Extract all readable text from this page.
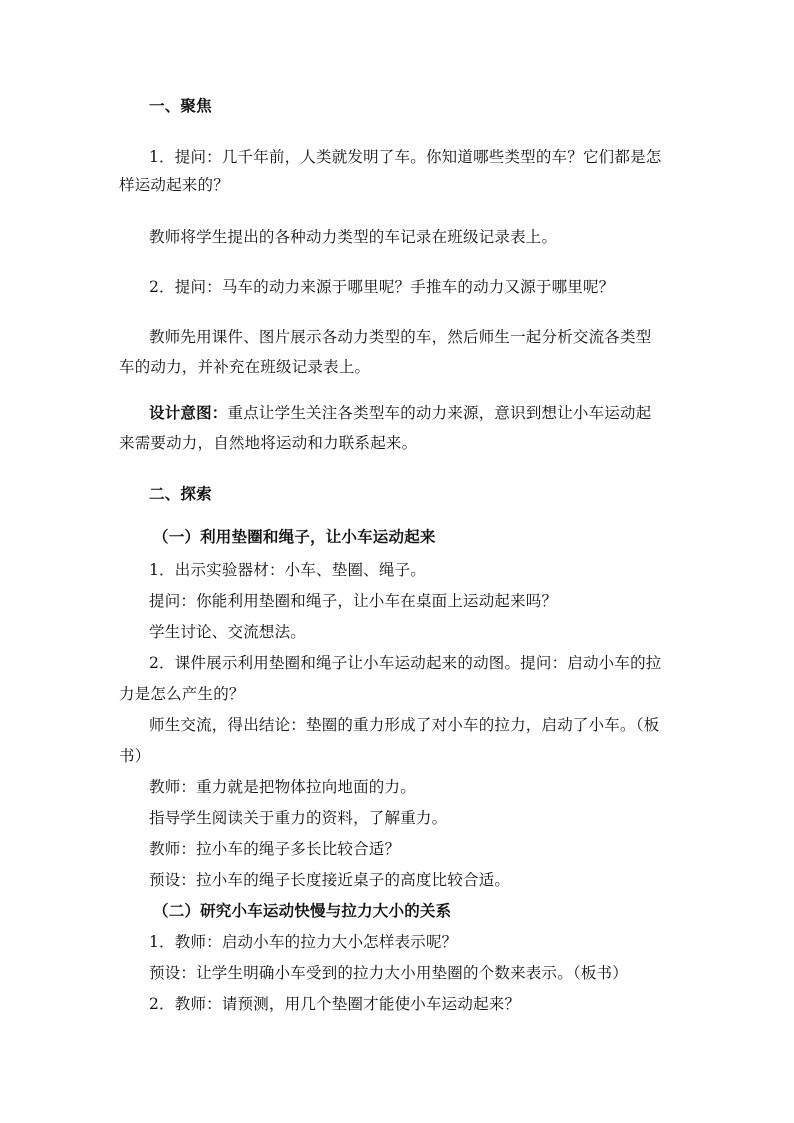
一、聚焦
1．提问：几千年前，人类就发明了车。你知道哪些类型的车？它们都是怎
样运动起来的？
教师将学生提出的各种动力类型的车记录在班级记录表上。
2．提问：马车的动力来源于哪里呢？手推车的动力又源于哪里呢？
教师先用课件、图片展示各动力类型的车，然后师生一起分析交流各类型
车的动力，并补充在班级记录表上。
设计意图：重点让学生关注各类型车的动力来源，意识到想让小车运动起
来需要动力，自然地将运动和力联系起来。
二、探索
（一）利用垫圈和绳子，让小车运动起来
1．出示实验器材：小车、垫圈、绳子。
提问：你能利用垫圈和绳子，让小车在桌面上运动起来吗？
学生讨论、交流想法。
2．课件展示利用垫圈和绳子让小车运动起来的动图。提问：启动小车的拉
力是怎么产生的？
师生交流，得出结论：垫圈的重力形成了对小车的拉力，启动了小车。（板
书）
教师：重力就是把物体拉向地面的力。
指导学生阅读关于重力的资料，了解重力。
教师：拉小车的绳子多长比较合适？
预设：拉小车的绳子长度接近桌子的高度比较合适。
（二）研究小车运动快慢与拉力大小的关系
1．教师：启动小车的拉力大小怎样表示呢？
预设：让学生明确小车受到的拉力大小用垫圈的个数来表示。（板书）
2．教师：请预测，用几个垫圈才能使小车运动起来？
